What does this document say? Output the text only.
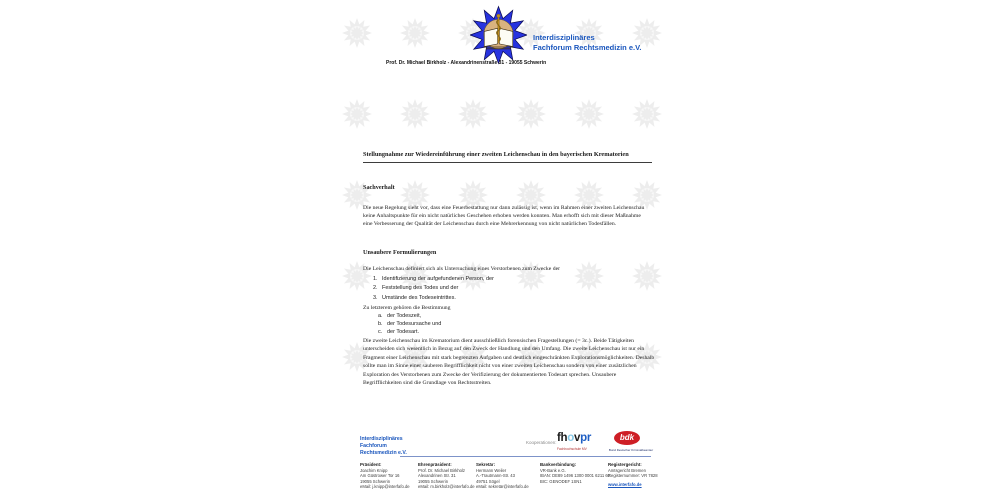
Interdisziplinäres
Fachforum Rechtsmedizin e.V.
Prof. Dr. Michael Birkholz - Alexandrinenstraße 31 - 19055 Schwerin
Stellungnahme zur Wiedereinführung einer zweiten Leichenschau in den bayerischen Krematorien
Sachverhalt
Die neue Regelung sieht vor, dass eine Feuerbestattung nur dann zulässig ist, wenn im Rahmen einer zweiten Leichenschau keine Anhaltspunkte für ein nicht natürliches Geschehen erhoben werden konnten. Man erhofft sich mit dieser Maßnahme eine Verbesserung der Qualität der Leichenschau durch eine Mehrerkennung von nicht natürlichen Todesfällen.
Unsaubere Formulierungen
Die Leichenschau definiert sich als Untersuchung eines Verstorbenen zum Zwecke der
1. Identifizierung der aufgefundenen Person, der
2. Feststellung des Todes und der
3. Umstände des Todeseintrittes.
Zu letzterem gehören die Bestimmung
a. der Todeszeit,
b. der Todesursache und
c. der Todesart.
Die zweite Leichenschau im Krematorium dient ausschließlich forensischen Fragestellungen (= 3c.). Beide Tätigkeiten unterscheiden sich wesentlich in Bezug auf den Zweck der Handlung und den Umfang. Die zweite Leichenschau ist nur ein Fragment einer Leichenschau mit stark begrenzten Aufgaben und deutlich eingeschränkten Explorationsmöglichkeiten. Deshalb sollte man im Sinne einer sauberen Begrifflichkeit nicht von einer zweiten Leichenschau sondern von einer zusätzlichen Exploration des Verstorbenen zum Zwecke der Verifizierung der dokumentierten Todesart sprechen. Unsaubere Begrifflichkeiten sind die Grundlage von Rechtsstreiten.
Interdisziplinäres
Fachforum
Rechtsmedizin e.V.
Kooperationen: fhovpr
Fachhochschule MV
bdk
Bund Deutscher Kriminalbeamter
Präsident:
Joachim Knipp
Am Güstrower Tor 16
19055 Schwerin
eMail: j.knipp@interfafo.de
Ehrenpräsident:
Prof. Dr. Michael Birkholz
Alexandrinen Str. 31
19055 Schwerin
eMail: m.birkholz@interfafo.de
Sekretär:
Hermann Weiler
A.-Trautmann-Str. 43
49751 Sögel
eMail: sekretär@interfafo.de
Bankverbindung:
VR-Bank e.G.
IBAN: DE89 1496 1300 0001 6211 60
BIC: GENODEF 1SN1
Registergericht:
Amtsgericht Bremen
Registernummer: VR 7828
www.interfafo.de
